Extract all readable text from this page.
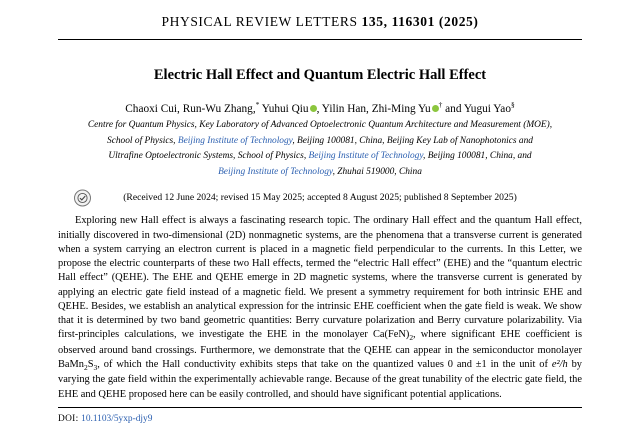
PHYSICAL REVIEW LETTERS 135, 116301 (2025)
Electric Hall Effect and Quantum Electric Hall Effect
Chaoxi Cui, Run-Wu Zhang,* Yuhui Qiu , Yilin Han, Zhi-Ming Yu † and Yugui Yao§
Centre for Quantum Physics, Key Laboratory of Advanced Optoelectronic Quantum Architecture and Measurement (MOE),
School of Physics, Beijing Institute of Technology, Beijing 100081, China, Beijing Key Lab of Nanophotonics and
Ultrafine Optoelectronic Systems, School of Physics, Beijing Institute of Technology, Beijing 100081, China, and
Beijing Institute of Technology, Zhuhai 519000, China
(Received 12 June 2024; revised 15 May 2025; accepted 8 August 2025; published 8 September 2025)
Exploring new Hall effect is always a fascinating research topic. The ordinary Hall effect and the quantum Hall effect, initially discovered in two-dimensional (2D) nonmagnetic systems, are the phenomena that a transverse current is generated when a system carrying an electron current is placed in a magnetic field perpendicular to the currents. In this Letter, we propose the electric counterparts of these two Hall effects, termed the “electric Hall effect” (EHE) and the “quantum electric Hall effect” (QEHE). The EHE and QEHE emerge in 2D magnetic systems, where the transverse current is generated by applying an electric gate field instead of a magnetic field. We present a symmetry requirement for both intrinsic EHE and QEHE. Besides, we establish an analytical expression for the intrinsic EHE coefficient when the gate field is weak. We show that it is determined by two band geometric quantities: Berry curvature polarization and Berry curvature polarizability. Via first-principles calculations, we investigate the EHE in the monolayer $Ca(FeN)_2$, where significant EHE coefficient is observed around band crossings. Furthermore, we demonstrate that the QEHE can appear in the semiconductor monolayer $BaMn_2S_3$, of which the Hall conductivity exhibits steps that take on the quantized values 0 and ±1 in the unit of e²/h by varying the gate field within the experimentally achievable range. Because of the great tunability of the electric gate field, the EHE and QEHE proposed here can be easily controlled, and should have significant potential applications.
DOI: 10.1103/5yxp-djy9
